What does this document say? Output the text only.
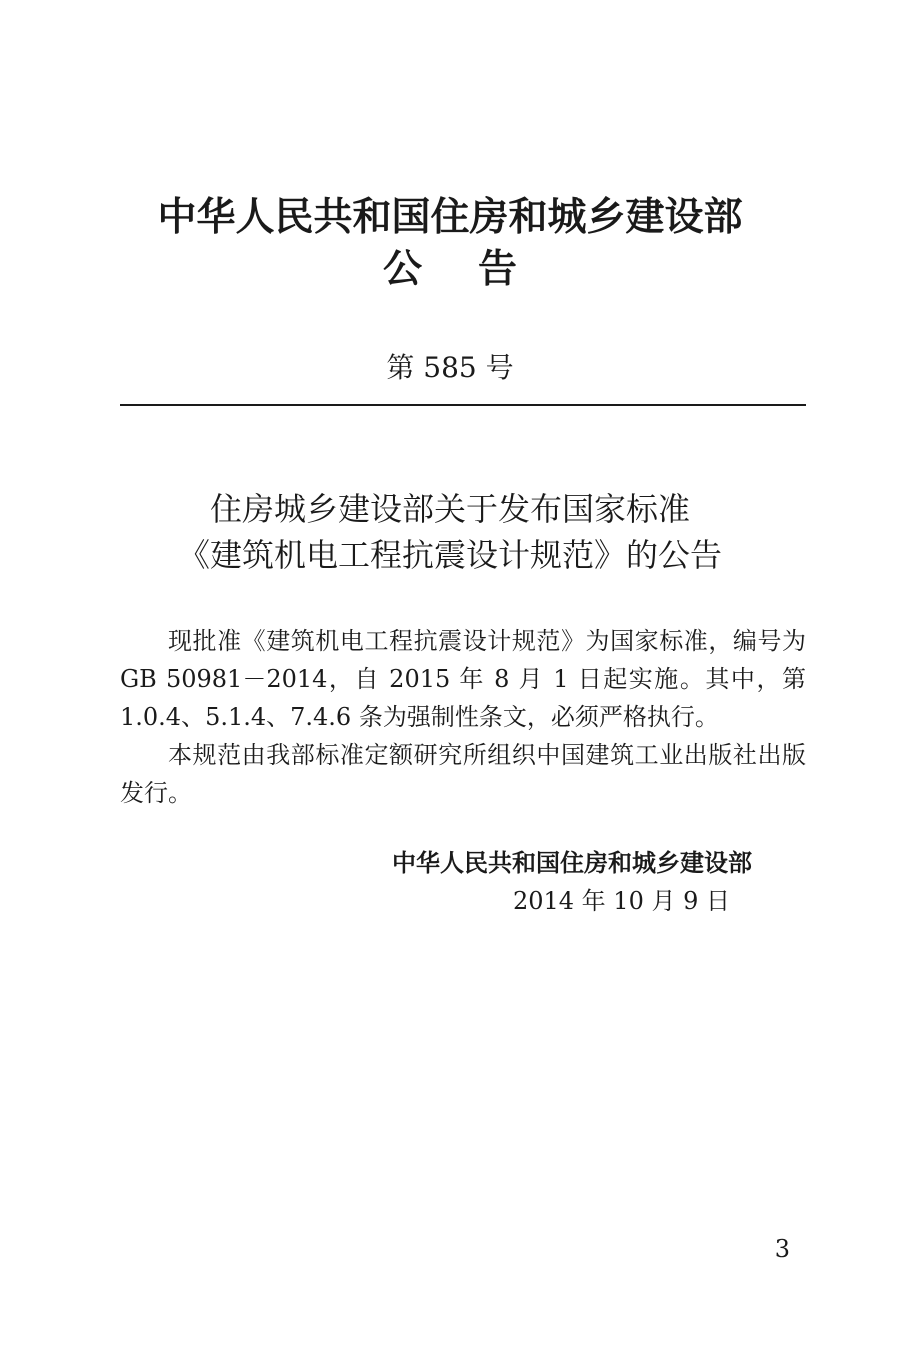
中华人民共和国住房和城乡建设部
公告
第 585 号
住房城乡建设部关于发布国家标准
《建筑机电工程抗震设计规范》的公告

现批准《建筑机电工程抗震设计规范》为国家标准，编号为 GB 50981－2014，自 2015 年 8 月 1 日起实施。其中，第 1.0.4、5.1.4、7.4.6 条为强制性条文，必须严格执行。

本规范由我部标准定额研究所组织中国建筑工业出版社出版发行。

中华人民共和国住房和城乡建设部
2014 年 10 月 9 日
3
